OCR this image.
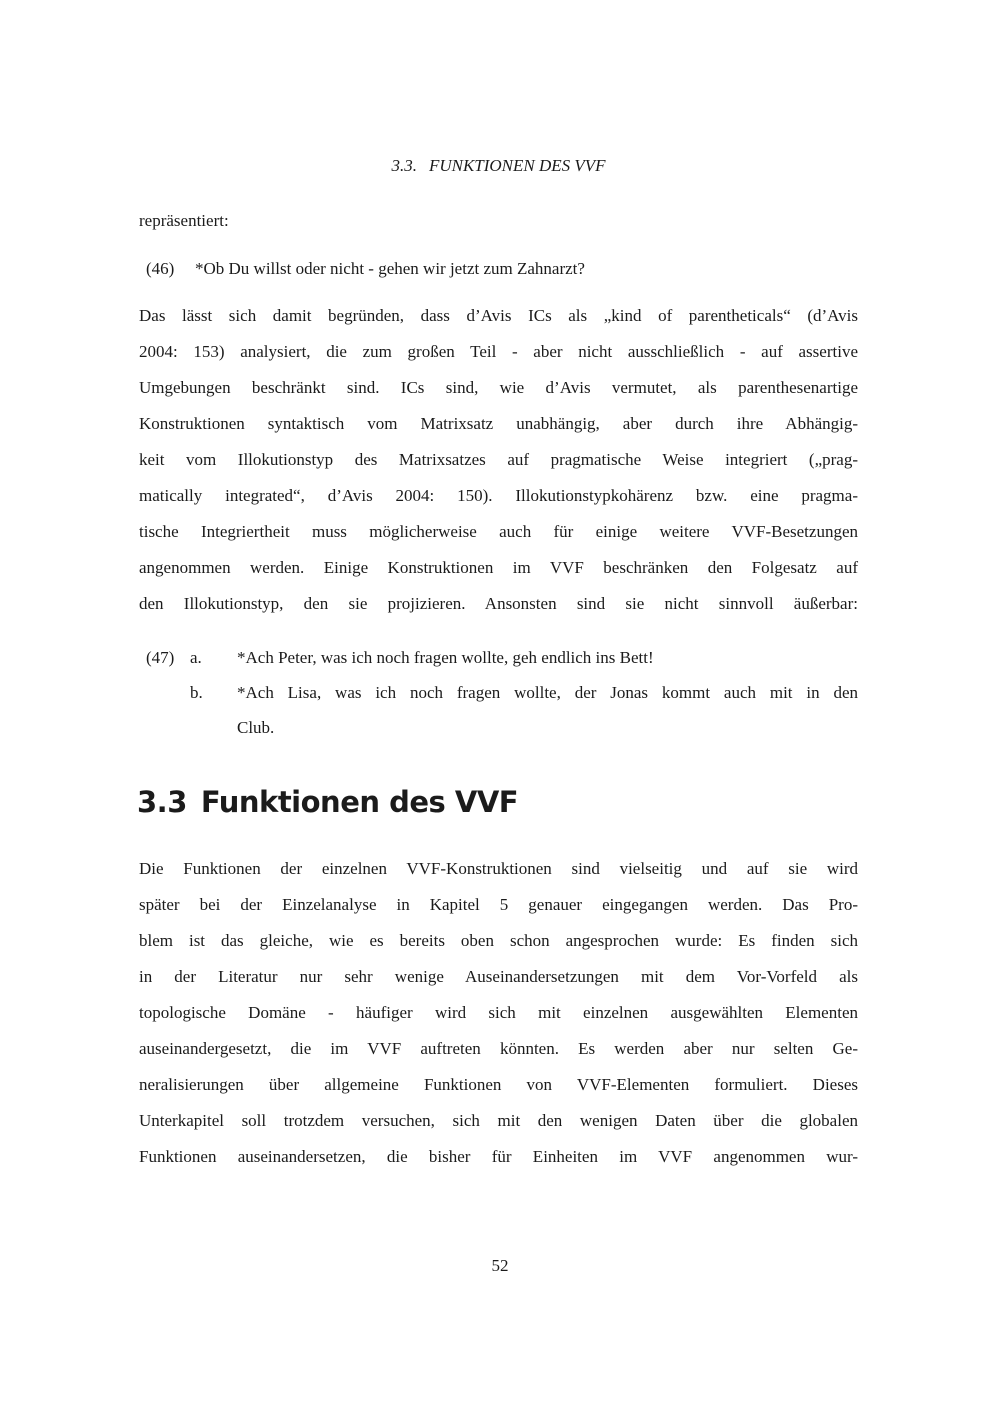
3.3. FUNKTIONEN DES VVF
repräsentiert:
(46) *Ob Du willst oder nicht - gehen wir jetzt zum Zahnarzt?
Das lässt sich damit begründen, dass d’Avis ICs als „kind of parentheticals“ (d’Avis
2004: 153) analysiert, die zum großen Teil - aber nicht ausschließlich - auf assertive
Umgebungen beschränkt sind. ICs sind, wie d’Avis vermutet, als parenthesenartige
Konstruktionen syntaktisch vom Matrixsatz unabhängig, aber durch ihre Abhängig-
keit vom Illokutionstyp des Matrixsatzes auf pragmatische Weise integriert („prag-
matically integrated“, d’Avis 2004: 150). Illokutionstypkohärenz bzw. eine pragma-
tische Integriertheit muss möglicherweise auch für einige weitere VVF-Besetzungen
angenommen werden. Einige Konstruktionen im VVF beschränken den Folgesatz auf
den Illokutionstyp, den sie projizieren. Ansonsten sind sie nicht sinnvoll äußerbar:
(47) a. *Ach Peter, was ich noch fragen wollte, geh endlich ins Bett!
b. *Ach Lisa, was ich noch fragen wollte, der Jonas kommt auch mit in den
Club.
3.3 Funktionen des VVF
Die Funktionen der einzelnen VVF-Konstruktionen sind vielseitig und auf sie wird
später bei der Einzelanalyse in Kapitel 5 genauer eingegangen werden. Das Pro-
blem ist das gleiche, wie es bereits oben schon angesprochen wurde: Es finden sich
in der Literatur nur sehr wenige Auseinandersetzungen mit dem Vor-Vorfeld als
topologische Domäne - häufiger wird sich mit einzelnen ausgewählten Elementen
auseinandergesetzt, die im VVF auftreten könnten. Es werden aber nur selten Ge-
neralisierungen über allgemeine Funktionen von VVF-Elementen formuliert. Dieses
Unterkapitel soll trotzdem versuchen, sich mit den wenigen Daten über die globalen
Funktionen auseinandersetzen, die bisher für Einheiten im VVF angenommen wur-
52
